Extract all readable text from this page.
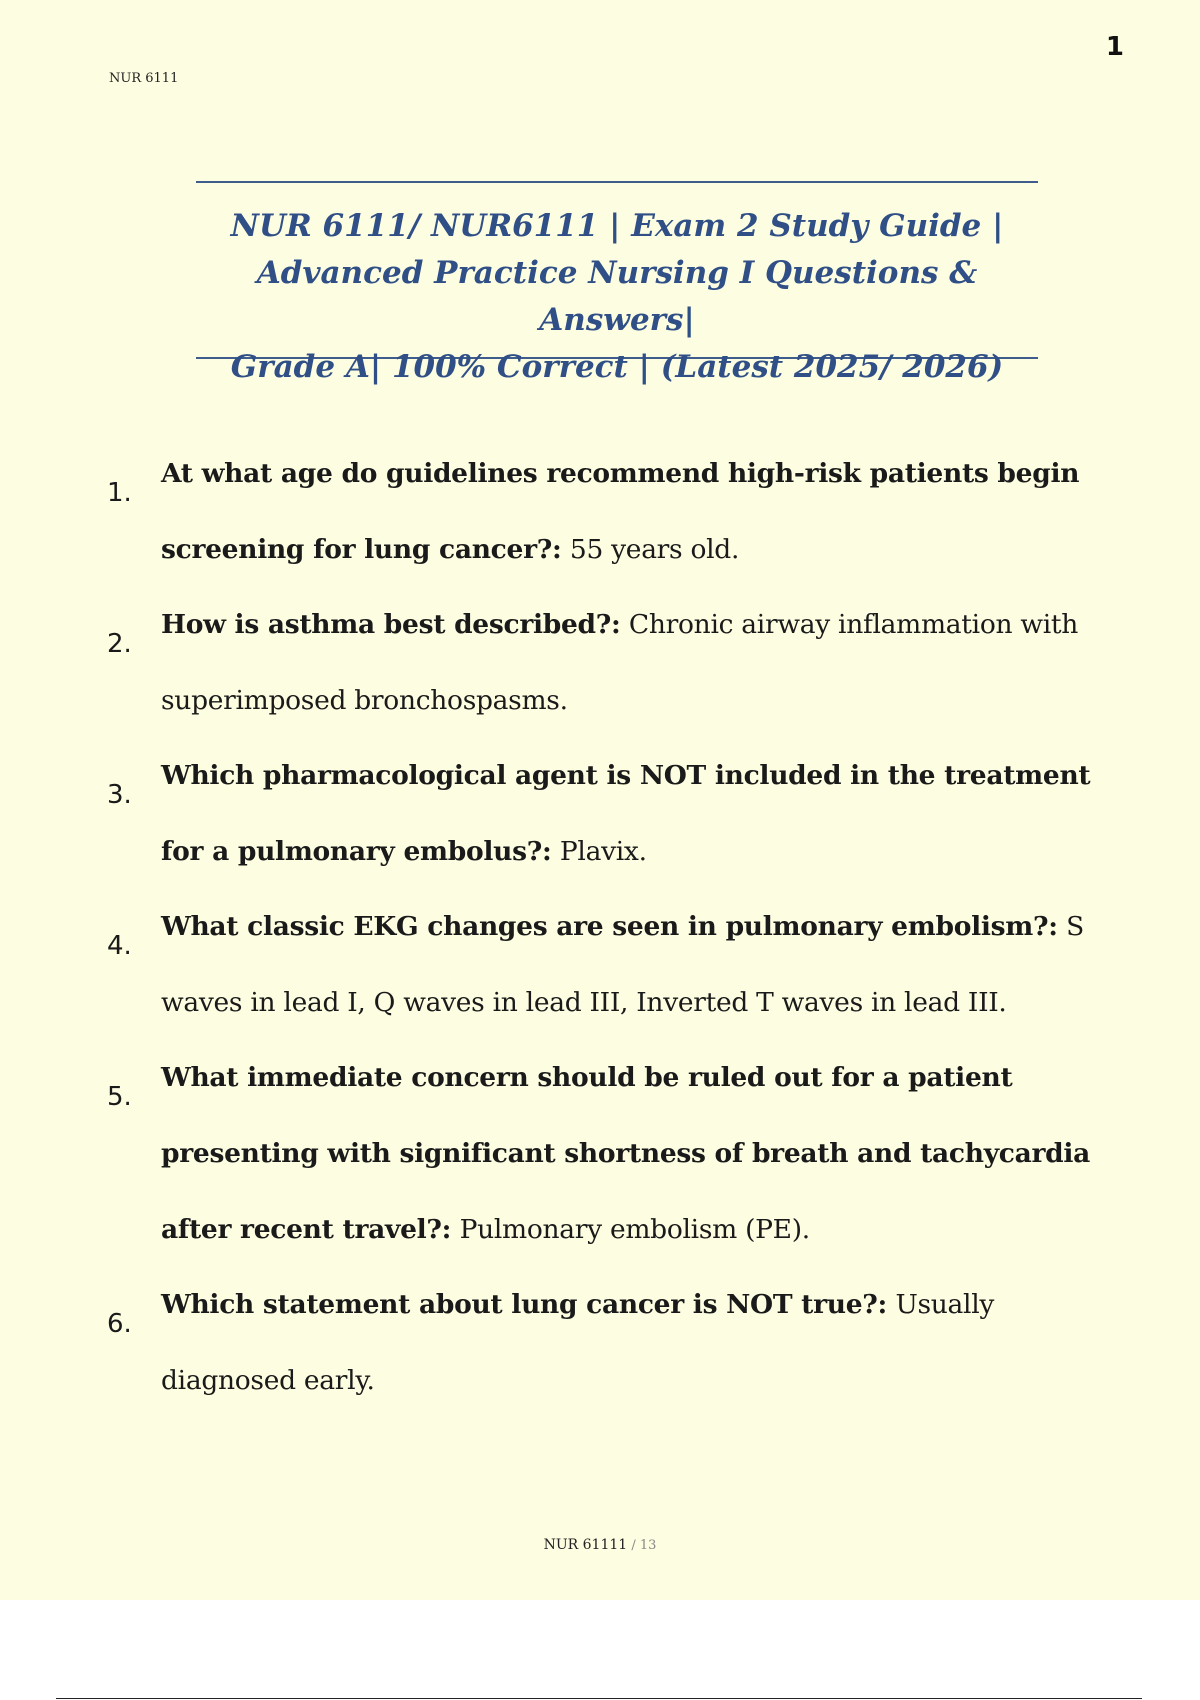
1
NUR 6111
NUR 6111/ NUR6111 | Exam 2 Study Guide |
Advanced Practice Nursing I Questions & Answers|
Grade A| 100% Correct | (Latest 2025/ 2026)
1.

At what age do guidelines recommend high-risk patients begin screening for lung cancer?: 55 years old.

2.

How is asthma best described?: Chronic airway inflammation with superimposed bronchospasms.

3.

Which pharmacological agent is NOT included in the treatment for a pulmonary embolus?: Plavix.

4.

What classic EKG changes are seen in pulmonary embolism?: S waves in lead I, Q waves in lead III, Inverted T waves in lead III.

5.

What immediate concern should be ruled out for a patient presenting with significant shortness of breath and tachycardia after recent travel?: Pulmonary embolism (PE).

6.

Which statement about lung cancer is NOT true?: Usually diagnosed early.

NUR 61111 / 13
